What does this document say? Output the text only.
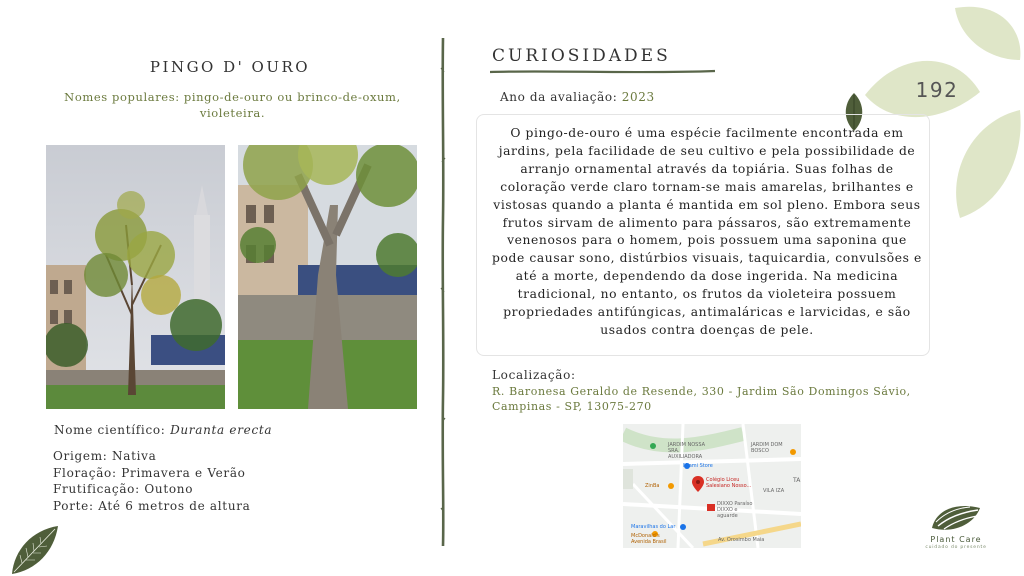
PINGO D' OURO
Nomes populares: pingo-de-ouro ou brinco-de-oxum, violeteira.
Nome científico: Duranta erecta
Origem: Nativa
Floração: Primavera e Verão
Frutificação: Outono
Porte: Até 6 metros de altura
CURIOSIDADES
Ano da avaliação: 2023
O pingo-de-ouro é uma espécie facilmente encontrada em jardins, pela facilidade de seu cultivo e pela possibilidade de arranjo ornamental através da topiária. Suas folhas de coloração verde claro tornam-se mais amarelas, brilhantes e vistosas quando a planta é mantida em sol pleno. Embora seus frutos sirvam de alimento para pássaros, são extremamente venenosos para o homem, pois possuem uma saponina que pode causar sono, distúrbios visuais, taquicardia, convulsões e até a morte, dependendo da dose ingerida. Na medicina tradicional, no entanto, os frutos da violeteira possuem propriedades antifúngicas, antimaláricas e larvicidas, e são usados contra doenças de pele.
Localização:
R. Baronesa Geraldo de Resende, 330 - Jardim São Domingos Sávio, Campinas - SP, 13075-270
JARDIM NOSSA SRA. AUXILIADORA
JARDIM DOM BOSCO
Miami Store
ZinBa
Colégio Liceu Salesiano Nosso...
DIXXO Paraíso DIXXO e aguarde
Maravilhas do Lar
McDonald's Avenida Brasil	Av. Orosimbo Maia
VILA IZA
TA
192
Plant Care
cuidado do presente
